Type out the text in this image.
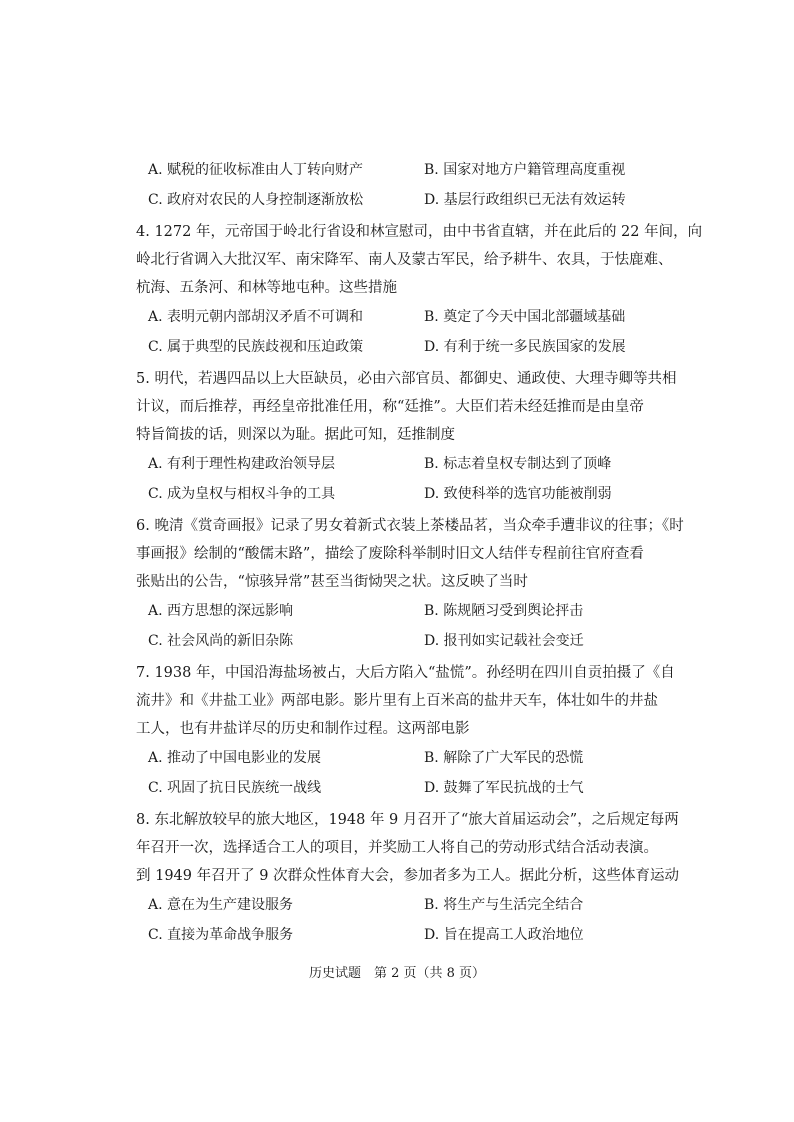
A. 赋税的征收标准由人丁转向财产	B. 国家对地方户籍管理高度重视
C. 政府对农民的人身控制逐渐放松	D. 基层行政组织已无法有效运转
4. 1272 年，元帝国于岭北行省设和林宣慰司，由中书省直辖，并在此后的 22 年间，向
岭北行省调入大批汉军、南宋降军、南人及蒙古军民，给予耕牛、农具，于怯鹿难、
杭海、五条河、和林等地屯种。这些措施
A. 表明元朝内部胡汉矛盾不可调和	B. 奠定了今天中国北部疆域基础
C. 属于典型的民族歧视和压迫政策	D. 有利于统一多民族国家的发展
5. 明代，若遇四品以上大臣缺员，必由六部官员、都御史、通政使、大理寺卿等共相
计议，而后推荐，再经皇帝批准任用，称“廷推”。大臣们若未经廷推而是由皇帝
特旨简拔的话，则深以为耻。据此可知，廷推制度
A. 有利于理性构建政治领导层	B. 标志着皇权专制达到了顶峰
C. 成为皇权与相权斗争的工具	D. 致使科举的选官功能被削弱
6. 晚清《赏奇画报》记录了男女着新式衣装上茶楼品茗，当众牵手遭非议的往事；《时
事画报》绘制的“酸儒末路”，描绘了废除科举制时旧文人结伴专程前往官府查看
张贴出的公告，“惊骇异常”甚至当街恸哭之状。这反映了当时
A. 西方思想的深远影响	B. 陈规陋习受到舆论抨击
C. 社会风尚的新旧杂陈	D. 报刊如实记载社会变迁
7. 1938 年，中国沿海盐场被占，大后方陷入“盐慌”。孙经明在四川自贡拍摄了《自
流井》和《井盐工业》两部电影。影片里有上百米高的盐井天车，体壮如牛的井盐
工人，也有井盐详尽的历史和制作过程。这两部电影
A. 推动了中国电影业的发展	B. 解除了广大军民的恐慌
C. 巩固了抗日民族统一战线	D. 鼓舞了军民抗战的士气
8. 东北解放较早的旅大地区，1948 年 9 月召开了“旅大首届运动会”，之后规定每两
年召开一次，选择适合工人的项目，并奖励工人将自己的劳动形式结合活动表演。
到 1949 年召开了 9 次群众性体育大会，参加者多为工人。据此分析，这些体育运动
A. 意在为生产建设服务	B. 将生产与生活完全结合
C. 直接为革命战争服务	D. 旨在提高工人政治地位
历史试题　第 2 页（共 8 页）
